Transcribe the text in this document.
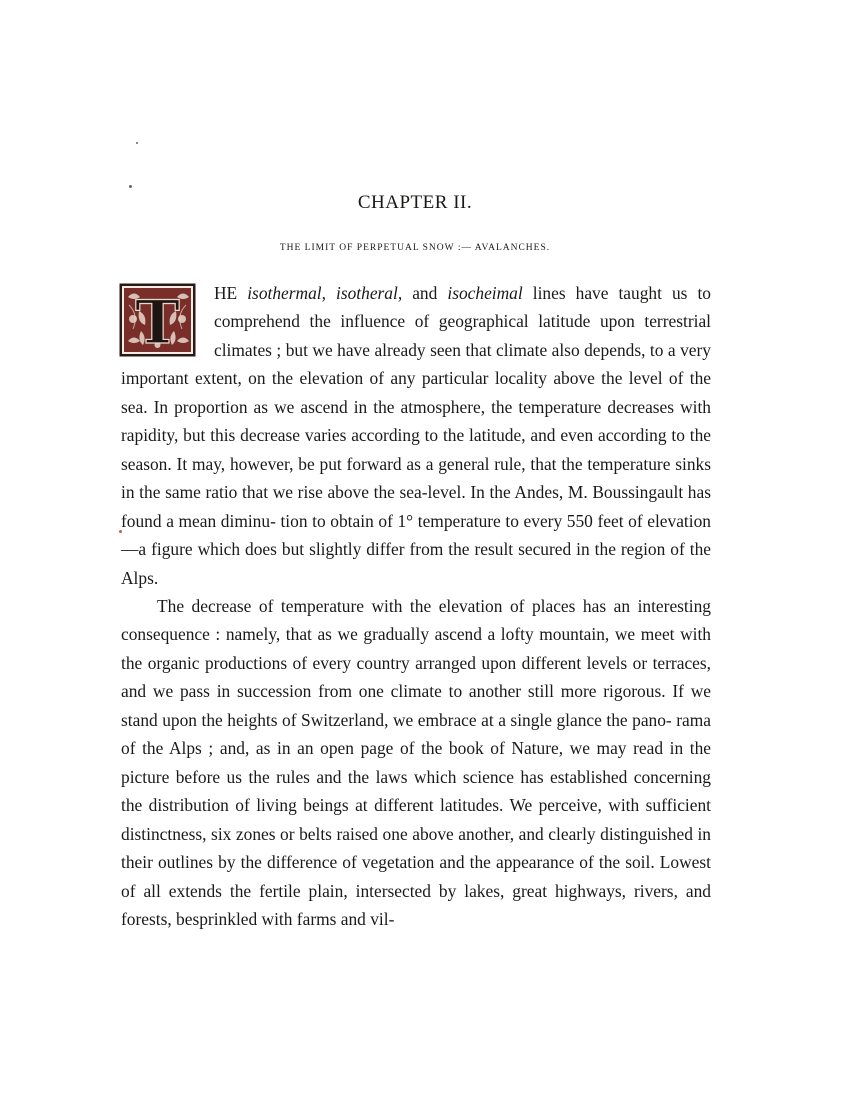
CHAPTER II.
THE LIMIT OF PERPETUAL SNOW :— AVALANCHES.

T HE isothermal, isotheral, and isocheimal lines have taught us to comprehend the influence of geographical latitude upon terrestrial climates ; but we have already seen that climate also depends, to a very important extent, on the elevation of any particular locality above the level of the sea. In proportion as we ascend in the atmosphere, the temperature decreases with rapidity, but this decrease varies according to the latitude, and even according to the season. It may, however, be put forward as a general rule, that the temperature sinks in the same ratio that we rise above the sea-level. In the Andes, M. Boussingault has found a mean diminu- tion to obtain of 1° temperature to every 550 feet of elevation—a figure which does but slightly differ from the result secured in the region of the Alps.

The decrease of temperature with the elevation of places has an interesting consequence : namely, that as we gradually ascend a lofty mountain, we meet with the organic productions of every country arranged upon different levels or terraces, and we pass in succession from one climate to another still more rigorous. If we stand upon the heights of Switzerland, we embrace at a single glance the pano- rama of the Alps ; and, as in an open page of the book of Nature, we may read in the picture before us the rules and the laws which science has established concerning the distribution of living beings at different latitudes. We perceive, with sufficient distinctness, six zones or belts raised one above another, and clearly distinguished in their outlines by the difference of vegetation and the appearance of the soil. Lowest of all extends the fertile plain, intersected by lakes, great highways, rivers, and forests, besprinkled with farms and vil-
